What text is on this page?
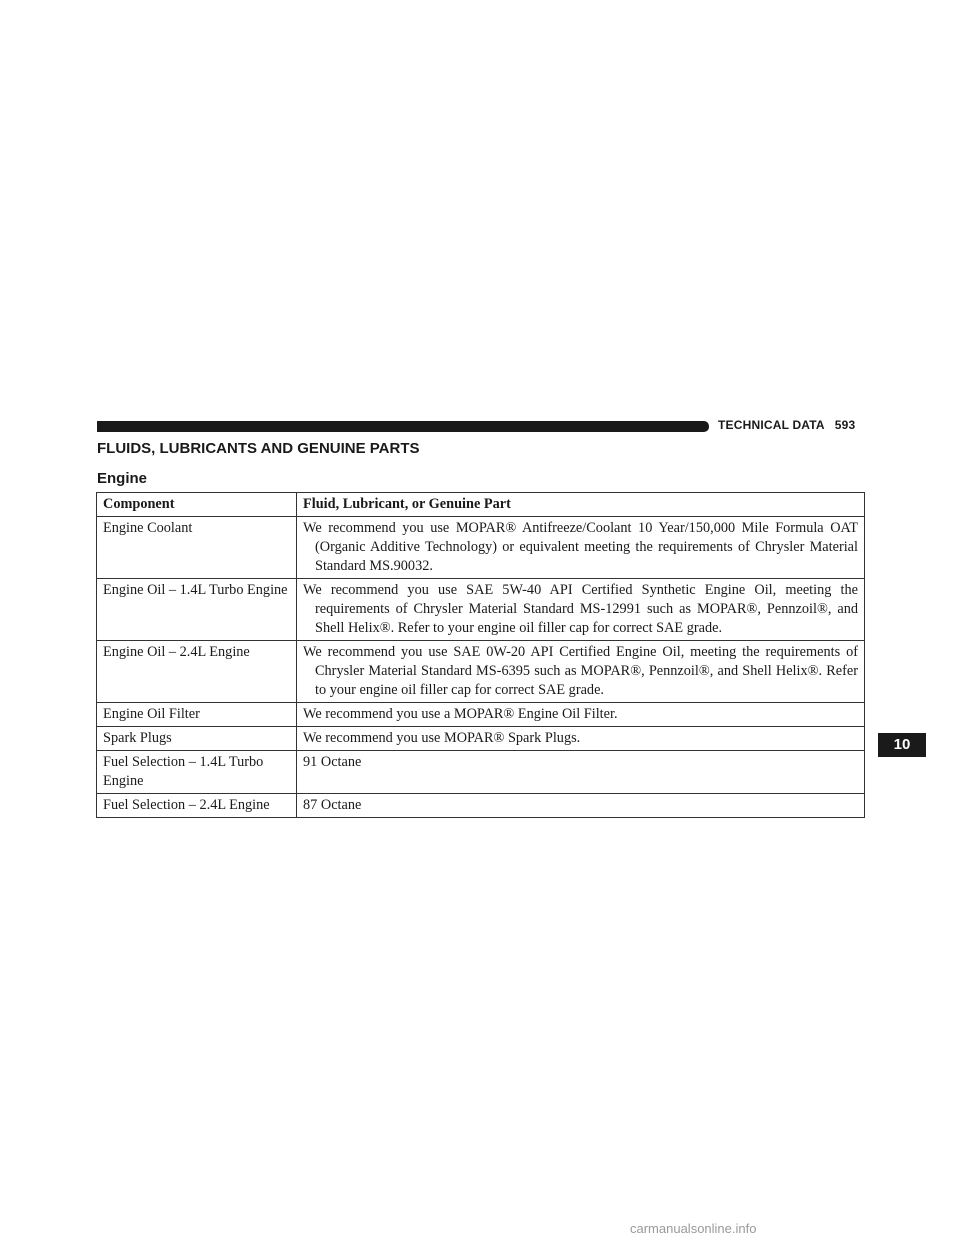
TECHNICAL DATA 593
FLUIDS, LUBRICANTS AND GENUINE PARTS
Engine
Component	Fluid, Lubricant, or Genuine Part
Engine Coolant	We recommend you use MOPAR® Antifreeze/Coolant 10 Year/150,000 Mile Formula OAT (Organic Additive Technology) or equivalent meeting the requirements of Chrysler Material Standard MS.90032.
Engine Oil – 1.4L Turbo Engine	We recommend you use SAE 5W-40 API Certified Synthetic Engine Oil, meeting the requirements of Chrysler Material Standard MS-12991 such as MOPAR®, Pennzoil®, and Shell Helix®. Refer to your engine oil filler cap for correct SAE grade.
Engine Oil – 2.4L Engine	We recommend you use SAE 0W-20 API Certified Engine Oil, meeting the requirements of Chrysler Material Standard MS-6395 such as MOPAR®, Pennzoil®, and Shell Helix®. Refer to your engine oil filler cap for correct SAE grade.
Engine Oil Filter	We recommend you use a MOPAR® Engine Oil Filter.
Spark Plugs	We recommend you use MOPAR® Spark Plugs.
Fuel Selection – 1.4L Turbo Engine	91 Octane
Fuel Selection – 2.4L Engine	87 Octane
10
carmanualsonline.info
